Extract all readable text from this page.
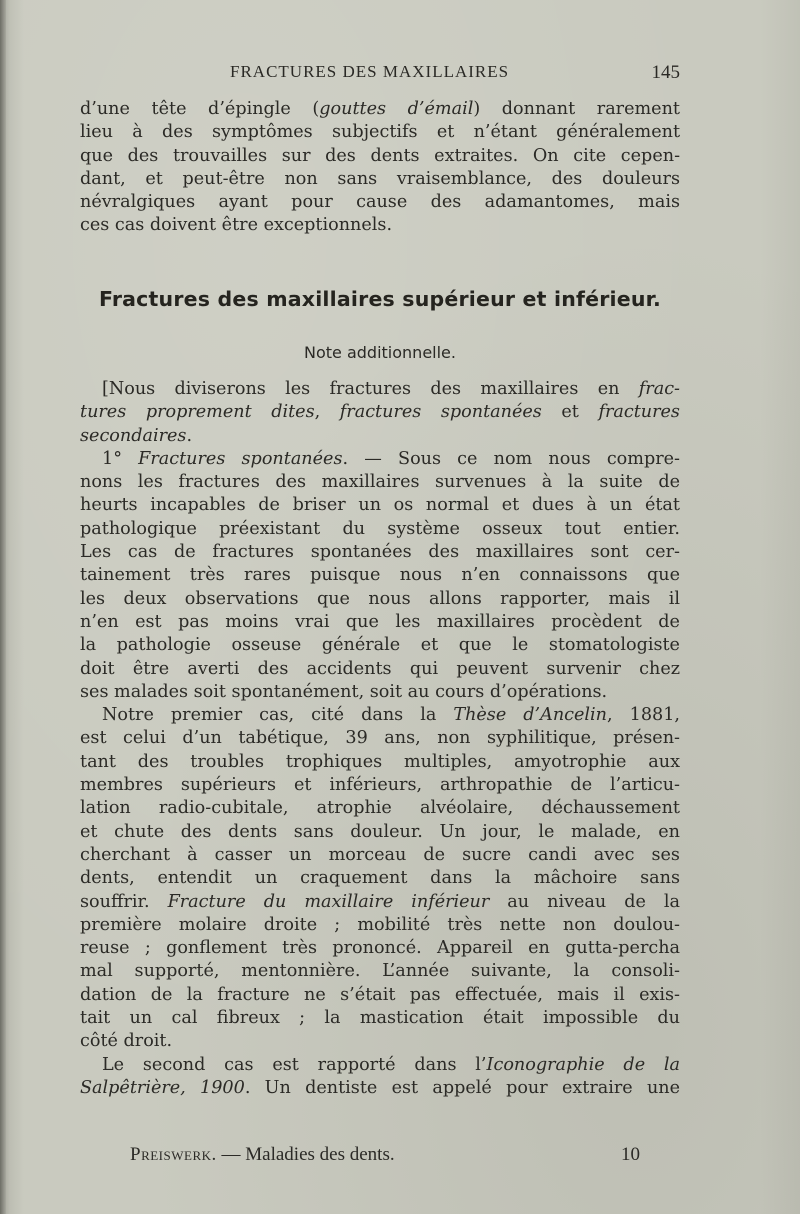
FRACTURES DES MAXILLAIRES	145
d’une tête d’épingle (gouttes d’émail) donnant rarement
lieu à des symptômes subjectifs et n’étant généralement
que des trouvailles sur des dents extraites. On cite cepen-
dant, et peut-être non sans vraisemblance, des douleurs
névralgiques ayant pour cause des adamantomes, mais
ces cas doivent être exceptionnels.
Fractures des maxillaires supérieur et inférieur.
Note additionnelle.
[Nous diviserons les fractures des maxillaires en frac-
tures proprement dites, fractures spontanées et fractures
secondaires.
1° Fractures spontanées. — Sous ce nom nous compre-
nons les fractures des maxillaires survenues à la suite de
heurts incapables de briser un os normal et dues à un état
pathologique préexistant du système osseux tout entier.
Les cas de fractures spontanées des maxillaires sont cer-
tainement très rares puisque nous n’en connaissons que
les deux observations que nous allons rapporter, mais il
n’en est pas moins vrai que les maxillaires procèdent de
la pathologie osseuse générale et que le stomatologiste
doit être averti des accidents qui peuvent survenir chez
ses malades soit spontanément, soit au cours d’opérations.
Notre premier cas, cité dans la Thèse d’Ancelin, 1881,
est celui d’un tabétique, 39 ans, non syphilitique, présen-
tant des troubles trophiques multiples, amyotrophie aux
membres supérieurs et inférieurs, arthropathie de l’articu-
lation radio-cubitale, atrophie alvéolaire, déchaussement
et chute des dents sans douleur. Un jour, le malade, en
cherchant à casser un morceau de sucre candi avec ses
dents, entendit un craquement dans la mâchoire sans
souffrir. Fracture du maxillaire inférieur au niveau de la
première molaire droite ; mobilité très nette non doulou-
reuse ; gonflement très prononcé. Appareil en gutta-percha
mal supporté, mentonnière. L’année suivante, la consoli-
dation de la fracture ne s’était pas effectuée, mais il exis-
tait un cal fibreux ; la mastication était impossible du
côté droit.
Le second cas est rapporté dans l’Iconographie de la
Salpêtrière, 1900. Un dentiste est appelé pour extraire une
Preiswerk. — Maladies des dents.	10
